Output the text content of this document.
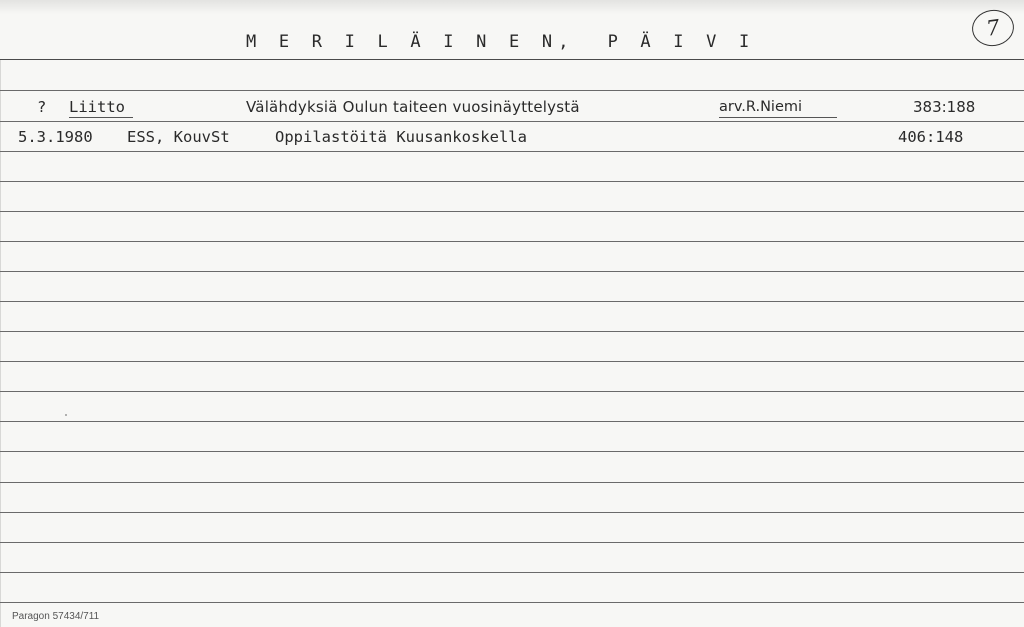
M E R I L Ä I N E N,  P Ä I V I
7
? Liitto	Välähdyksiä Oulun taiteen vuosinäyttelystä	arv.R.Niemi	383:188
5.3.1980 ESS, KouvSt	Oppilastöitä Kuusankoskella	406:148
Paragon 57434/711
